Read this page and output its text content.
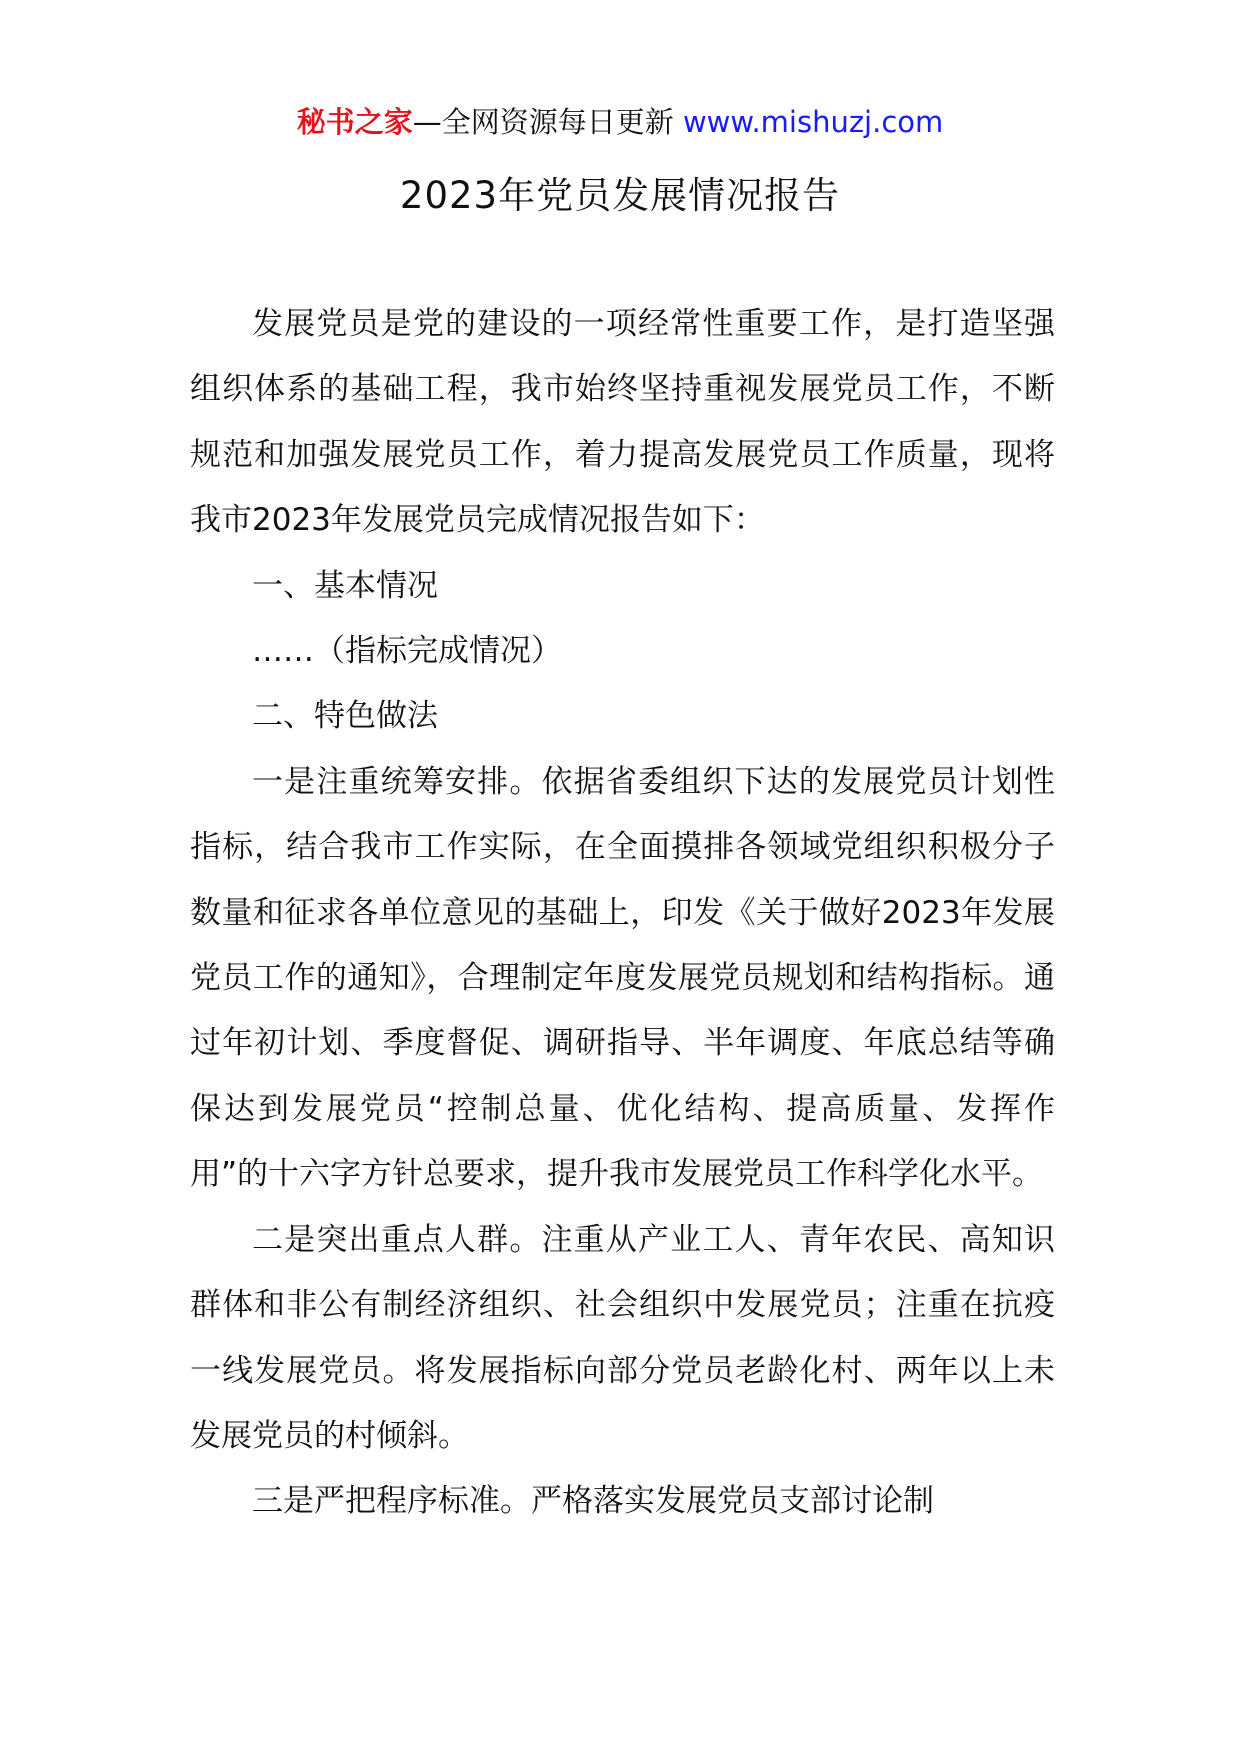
秘书之家—全网资源每日更新 www.mishuzj.com
2023年党员发展情况报告

发展党员是党的建设的一项经常性重要工作，是打造坚强组织体系的基础工程，我市始终坚持重视发展党员工作，不断规范和加强发展党员工作，着力提高发展党员工作质量，现将我市2023年发展党员完成情况报告如下：

一、基本情况

……（指标完成情况）

二、特色做法

一是注重统筹安排。依据省委组织下达的发展党员计划性指标，结合我市工作实际，在全面摸排各领域党组织积极分子数量和征求各单位意见的基础上，印发《关于做好2023年发展党员工作的通知》，合理制定年度发展党员规划和结构指标。通过年初计划、季度督促、调研指导、半年调度、年底总结等确保达到发展党员“控制总量、优化结构、提高质量、发挥作用”的十六字方针总要求，提升我市发展党员工作科学化水平。

二是突出重点人群。注重从产业工人、青年农民、高知识群体和非公有制经济组织、社会组织中发展党员；注重在抗疫一线发展党员。将发展指标向部分党员老龄化村、两年以上未发展党员的村倾斜。

三是严把程序标准。严格落实发展党员支部讨论制
